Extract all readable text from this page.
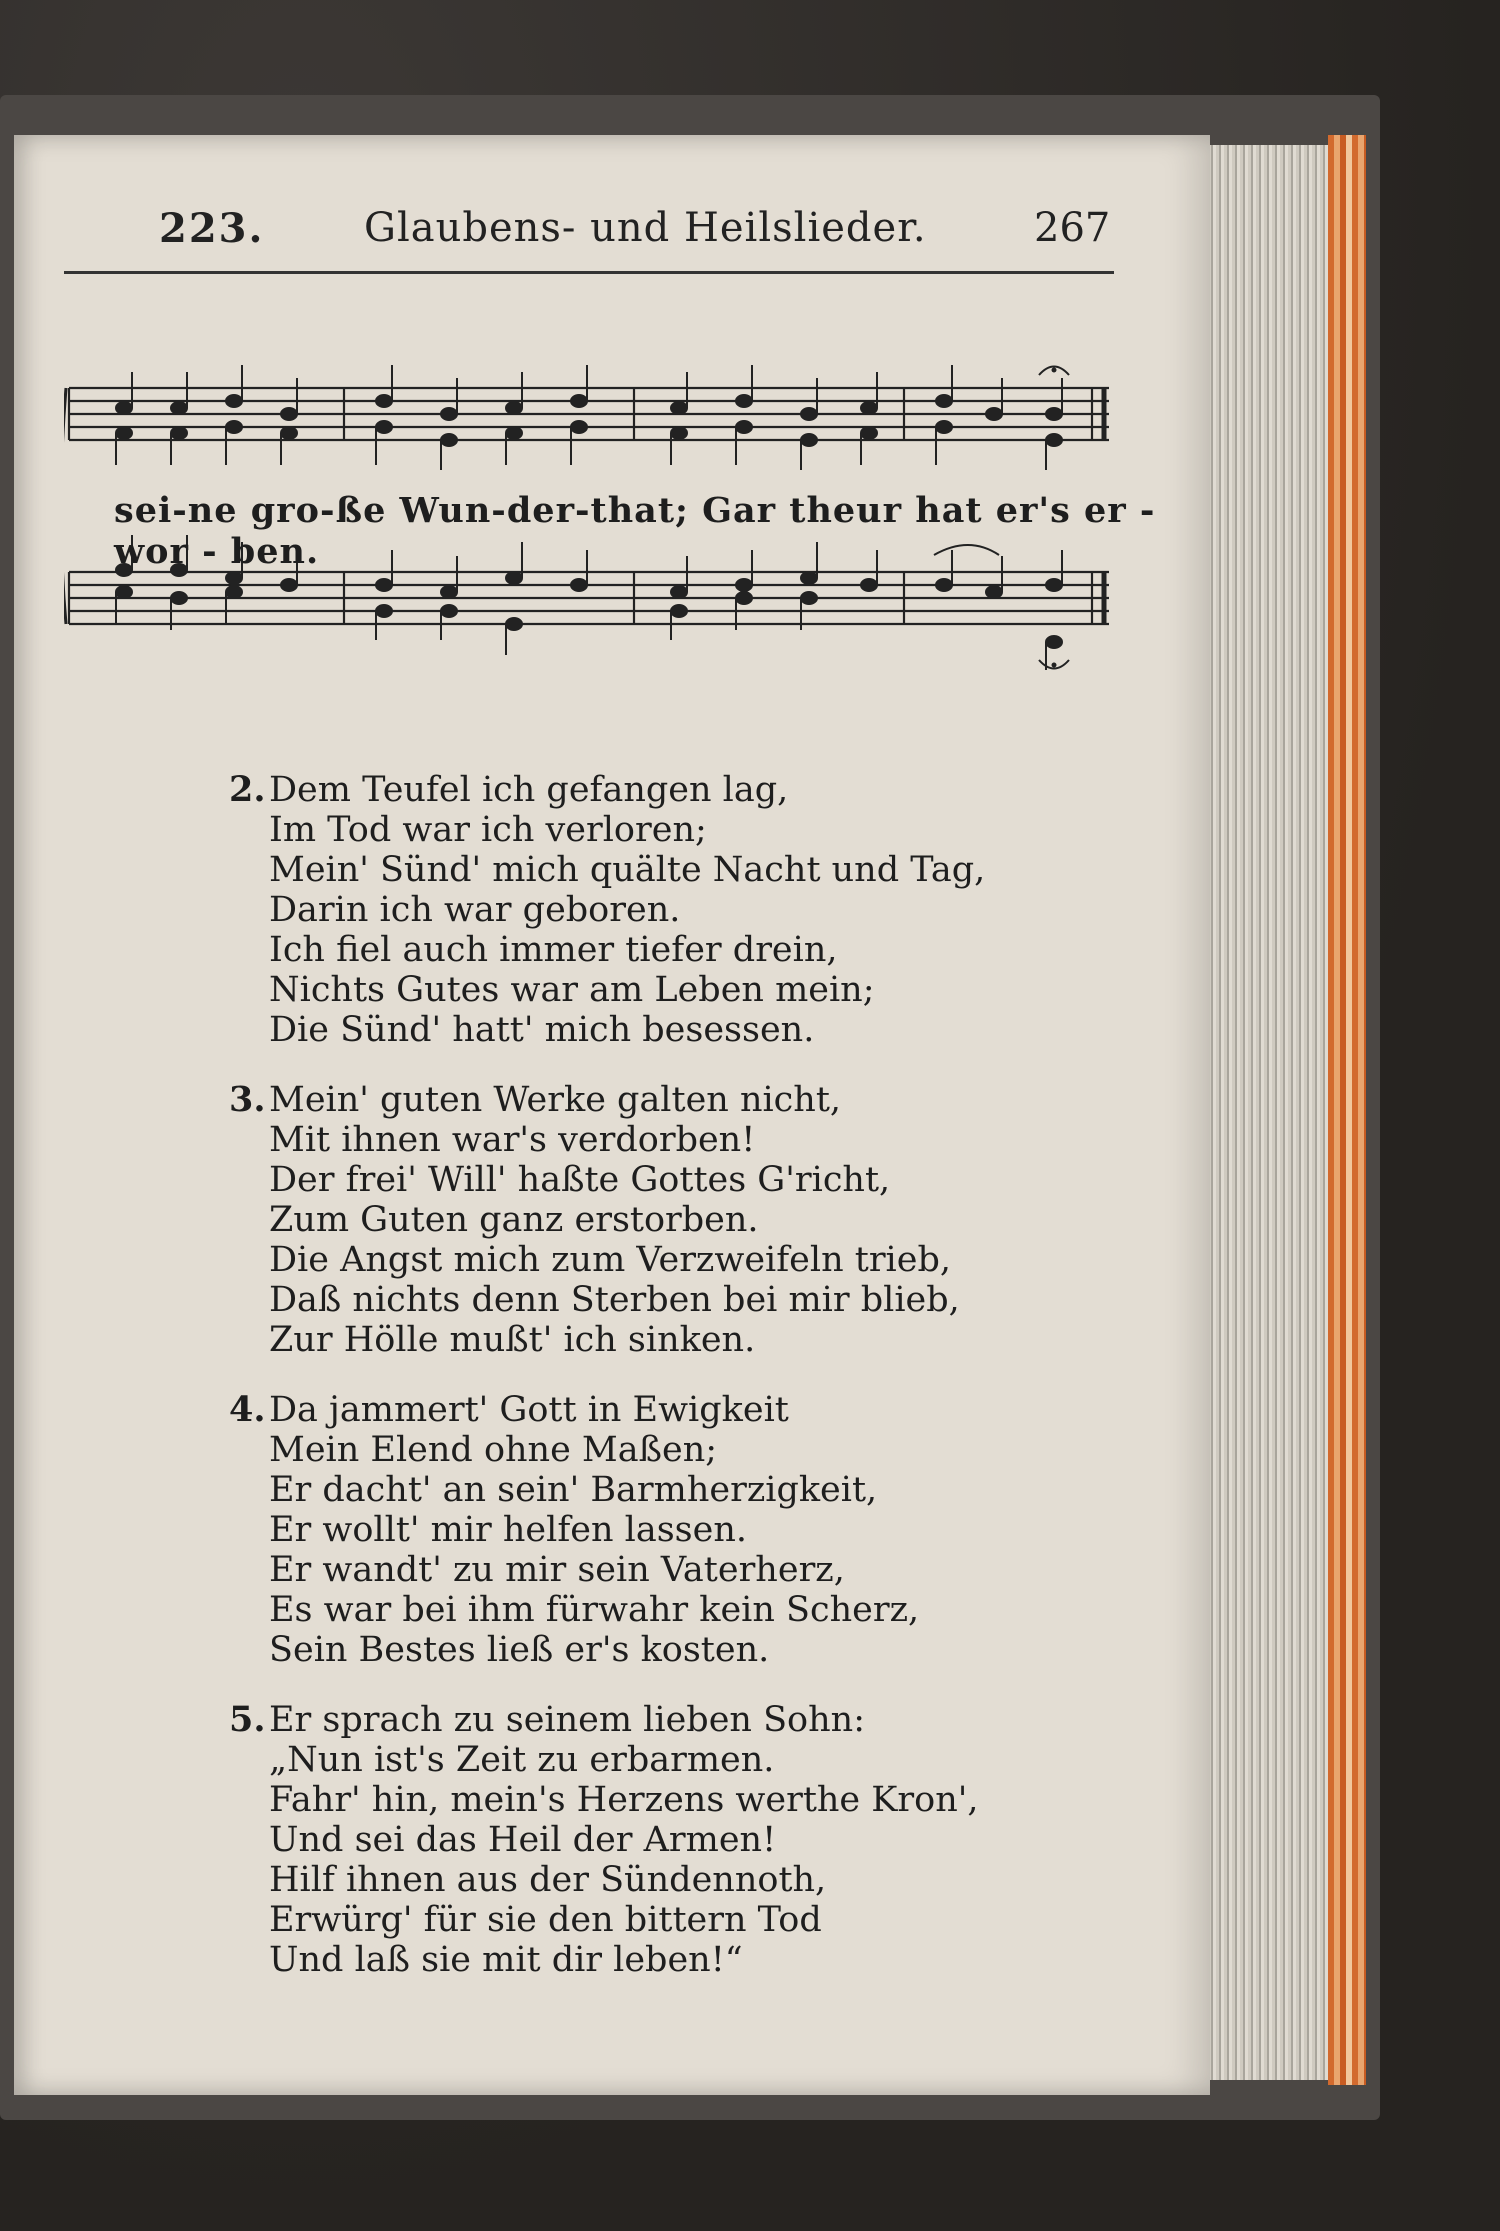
223. Glaubens- und Heilslieder.	267
sei-ne gro-ße Wun-der-that; Gar theur hat er's er - wor - ben.
2.Dem Teufel ich gefangen lag,
Im Tod war ich verloren;
Mein' Sünd' mich quälte Nacht und Tag,
Darin ich war geboren.
Ich fiel auch immer tiefer drein,
Nichts Gutes war am Leben mein;
Die Sünd' hatt' mich besessen.
3.Mein' guten Werke galten nicht,
Mit ihnen war's verdorben!
Der frei' Will' haßte Gottes G'richt,
Zum Guten ganz erstorben.
Die Angst mich zum Verzweifeln trieb,
Daß nichts denn Sterben bei mir blieb,
Zur Hölle mußt' ich sinken.
4.Da jammert' Gott in Ewigkeit
Mein Elend ohne Maßen;
Er dacht' an sein' Barmherzigkeit,
Er wollt' mir helfen lassen.
Er wandt' zu mir sein Vaterherz,
Es war bei ihm fürwahr kein Scherz,
Sein Bestes ließ er's kosten.
5.Er sprach zu seinem lieben Sohn:
„Nun ist's Zeit zu erbarmen.
Fahr' hin, mein's Herzens werthe Kron',
Und sei das Heil der Armen!
Hilf ihnen aus der Sündennoth,
Erwürg' für sie den bittern Tod
Und laß sie mit dir leben!“
